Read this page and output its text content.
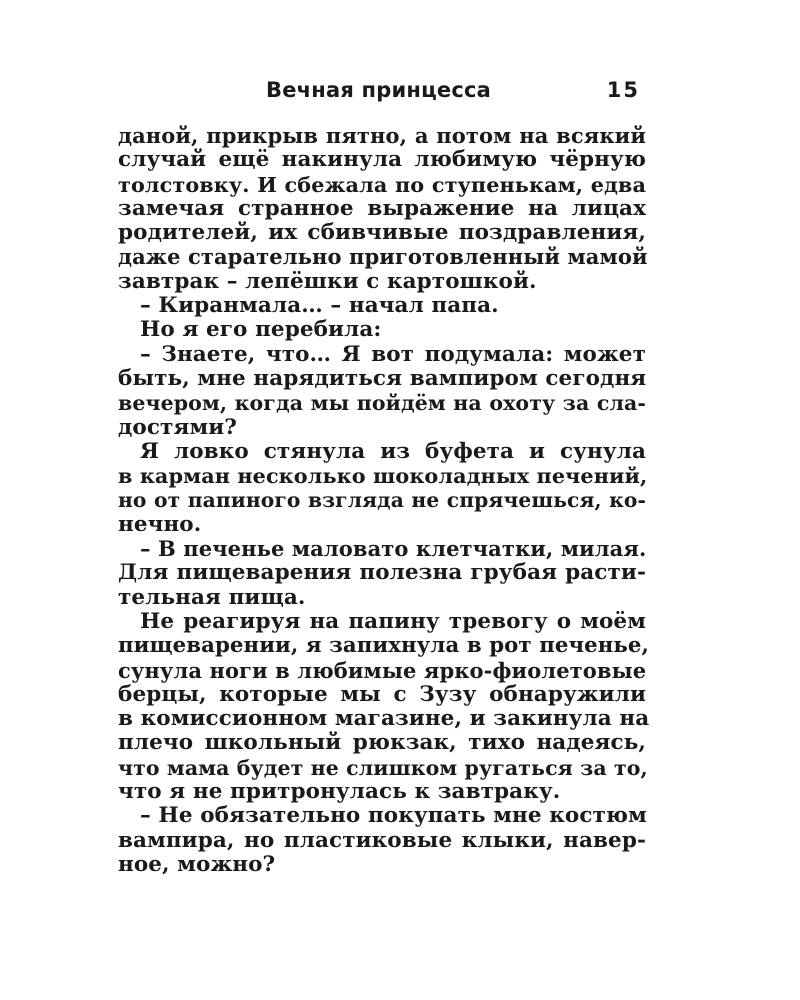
Вечная принцесса	15
даной, прикрыв пятно, а потом на всякий
случай ещё накинула любимую чёрную
толстовку. И сбежала по ступенькам, едва
замечая странное выражение на лицах
родителей, их сбивчивые поздравления,
даже старательно приготовленный мамой
завтрак – лепёшки с картошкой.
– Киранмала… – начал папа.
Но я его перебила:
– Знаете, что… Я вот подумала: может
быть, мне нарядиться вампиром сегодня
вечером, когда мы пойдём на охоту за сла-
достями?
Я ловко стянула из буфета и сунула
в карман несколько шоколадных печений,
но от папиного взгляда не спрячешься, ко-
нечно.
– В печенье маловато клетчатки, милая.
Для пищеварения полезна грубая расти-
тельная пища.
Не реагируя на папину тревогу о моём
пищеварении, я запихнула в рот печенье,
сунула ноги в любимые ярко-фиолетовые
берцы, которые мы с Зузу обнаружили
в комиссионном магазине, и закинула на
плечо школьный рюкзак, тихо надеясь,
что мама будет не слишком ругаться за то,
что я не притронулась к завтраку.
– Не обязательно покупать мне костюм
вампира, но пластиковые клыки, навер-
ное, можно?
